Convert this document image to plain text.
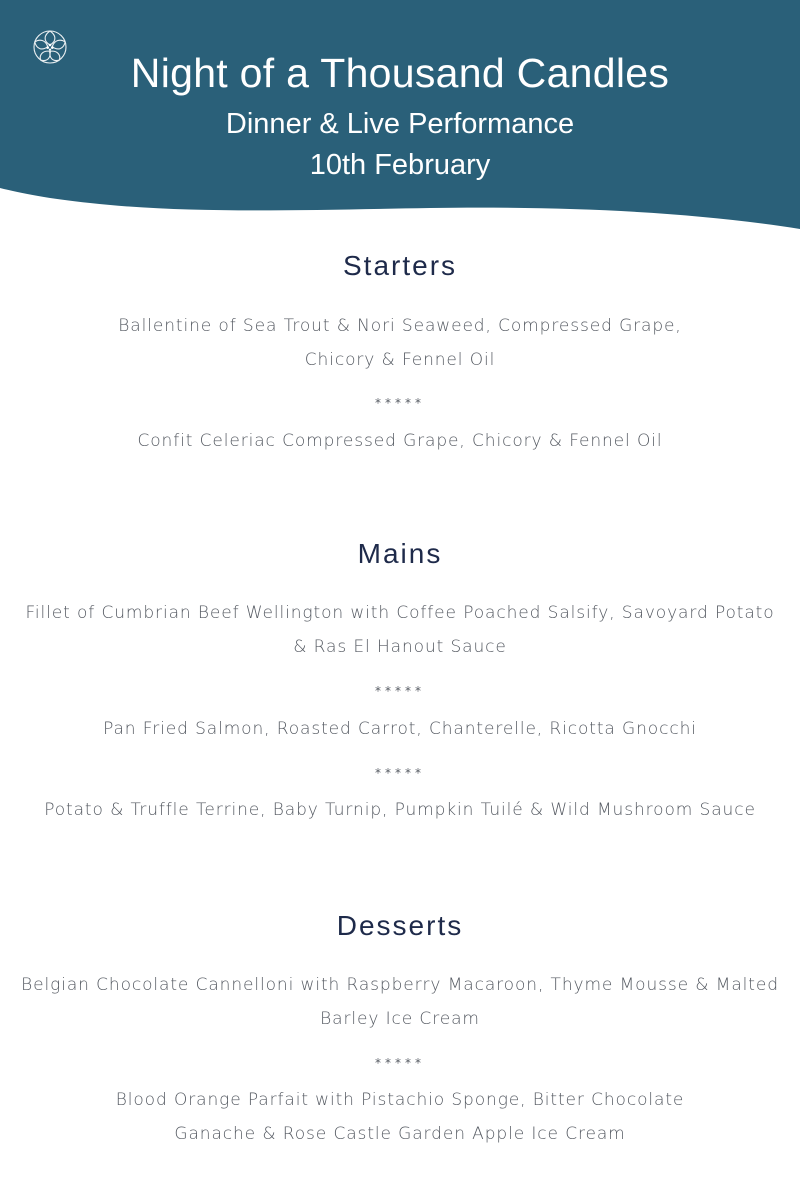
Night of a Thousand Candles
Dinner & Live Performance
10th February
Starters

Ballentine of Sea Trout & Nori Seaweed, Compressed Grape, Chicory & Fennel Oil

*****

Confit Celeriac Compressed Grape, Chicory & Fennel Oil

Mains

Fillet of Cumbrian Beef Wellington with Coffee Poached Salsify, Savoyard Potato & Ras El Hanout Sauce

*****

Pan Fried Salmon, Roasted Carrot, Chanterelle, Ricotta Gnocchi

*****

Potato & Truffle Terrine, Baby Turnip, Pumpkin Tuilé & Wild Mushroom Sauce

Desserts

Belgian Chocolate Cannelloni with Raspberry Macaroon, Thyme Mousse & Malted Barley Ice Cream

*****

Blood Orange Parfait with Pistachio Sponge, Bitter Chocolate Ganache & Rose Castle Garden Apple Ice Cream
